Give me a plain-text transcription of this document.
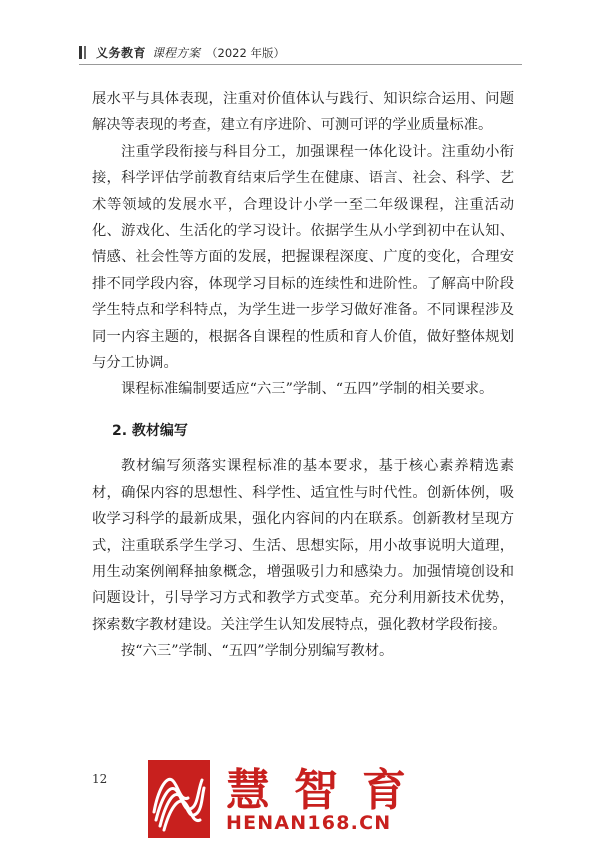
义务教育 课程方案 （2022 年版）

展水平与具体表现，注重对价值体认与践行、知识综合运用、问题解决等表现的考查，建立有序进阶、可测可评的学业质量标准。

注重学段衔接与科目分工，加强课程一体化设计。注重幼小衔接，科学评估学前教育结束后学生在健康、语言、社会、科学、艺术等领域的发展水平，合理设计小学一至二年级课程，注重活动化、游戏化、生活化的学习设计。依据学生从小学到初中在认知、情感、社会性等方面的发展，把握课程深度、广度的变化，合理安排不同学段内容，体现学习目标的连续性和进阶性。了解高中阶段学生特点和学科特点，为学生进一步学习做好准备。不同课程涉及同一内容主题的，根据各自课程的性质和育人价值，做好整体规划与分工协调。

课程标准编制要适应“六三”学制、“五四”学制的相关要求。

2. 教材编写

教材编写须落实课程标准的基本要求，基于核心素养精选素材，确保内容的思想性、科学性、适宜性与时代性。创新体例，吸收学习科学的最新成果，强化内容间的内在联系。创新教材呈现方式，注重联系学生学习、生活、思想实际，用小故事说明大道理，用生动案例阐释抽象概念，增强吸引力和感染力。加强情境创设和问题设计，引导学习方式和教学方式变革。充分利用新技术优势，探索数字教材建设。关注学生认知发展特点，强化教材学段衔接。

按“六三”学制、“五四”学制分别编写教材。

12	慧智育
HENAN168.CN
